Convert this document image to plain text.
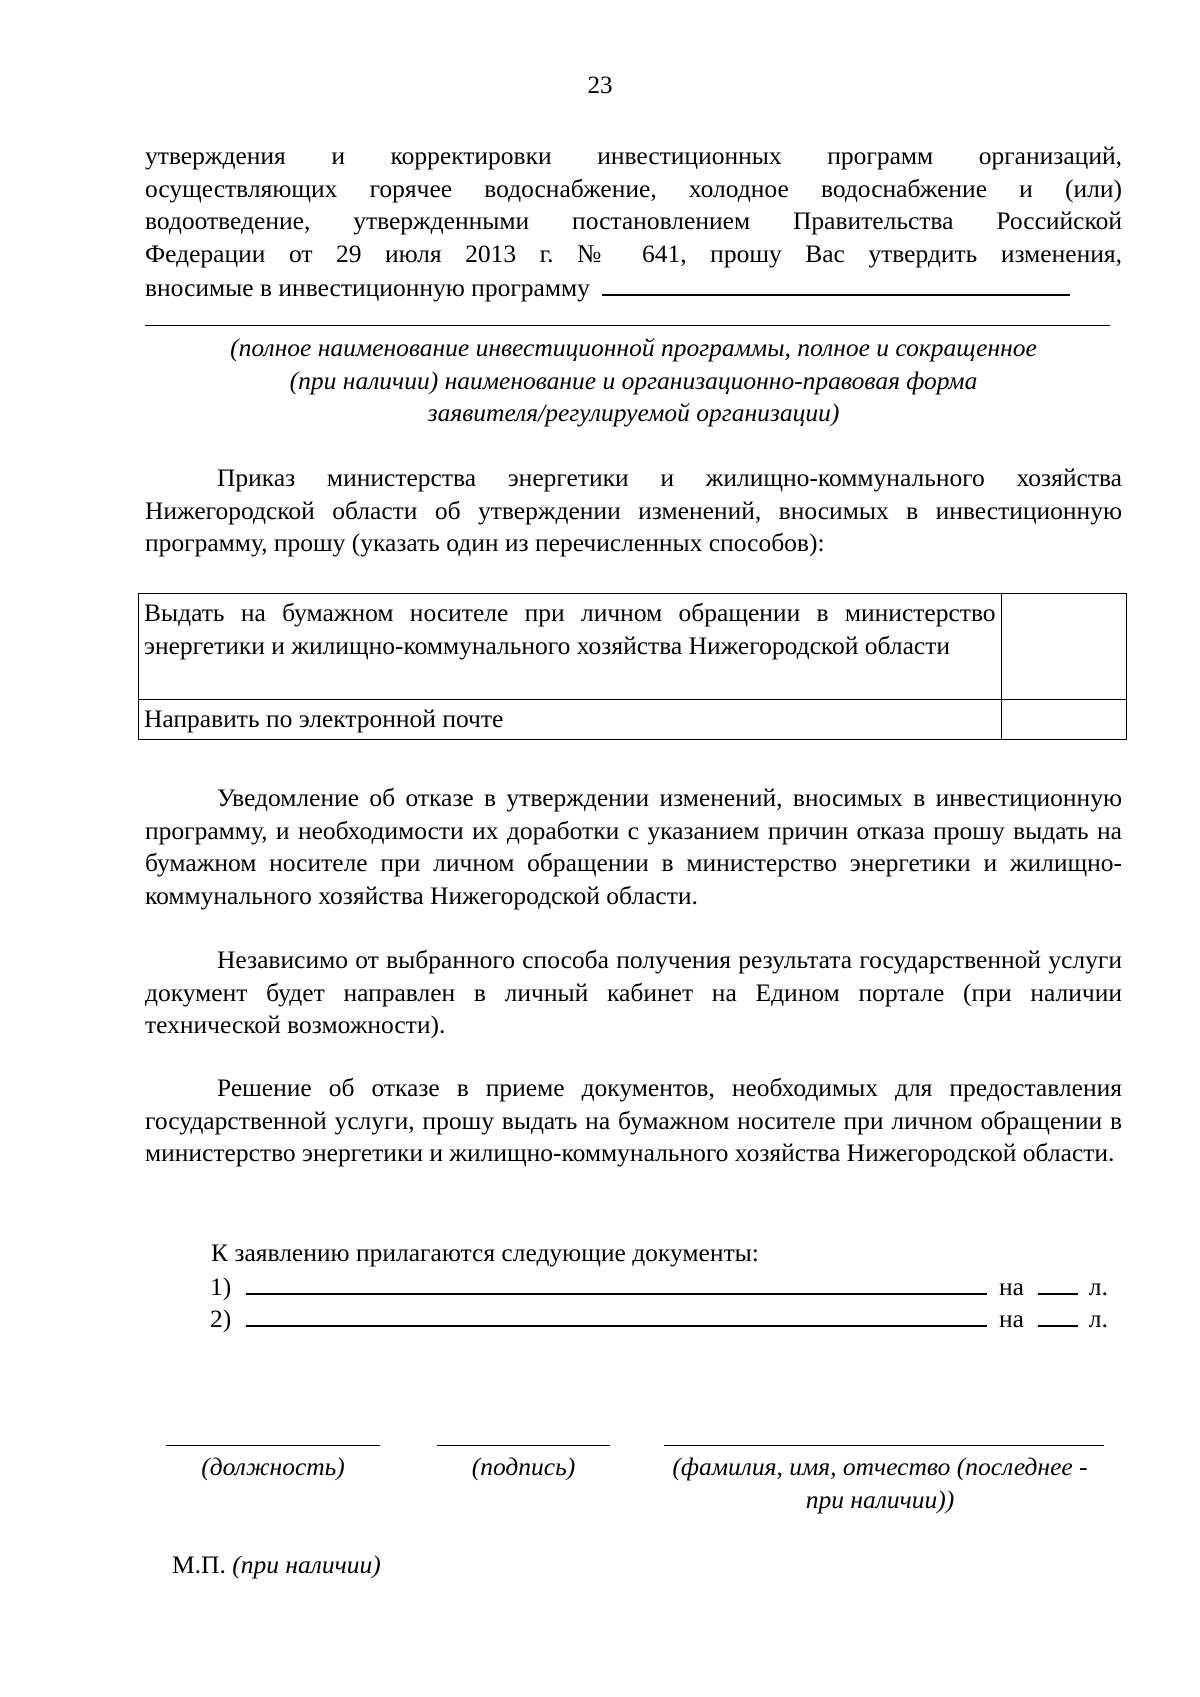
23
утверждения и корректировки инвестиционных программ организаций,
осуществляющих горячее водоснабжение, холодное водоснабжение и (или)
водоотведение, утвержденными постановлением Правительства Российской
Федерации от 29 июля 2013 г. № 641, прошу Вас утвердить изменения,
вносимые в инвестиционную программу
(полное наименование инвестиционной программы, полное и сокращенное
(при наличии) наименование и организационно-правовая форма
заявителя/регулируемой организации)
Приказ министерства энергетики и жилищно-коммунального хозяйства Нижегородской области об утверждении изменений, вносимых в инвестиционную программу, прошу (указать один из перечисленных способов):
Выдать на бумажном носителе при личном обращении в министерство энергетики и жилищно-коммунального хозяйства Нижегородской области	
Направить по электронной почте	
Уведомление об отказе в утверждении изменений, вносимых в инвестиционную программу, и необходимости их доработки с указанием причин отказа прошу выдать на бумажном носителе при личном обращении в министерство энергетики и жилищно-коммунального хозяйства Нижегородской области.
Независимо от выбранного способа получения результата государственной услуги документ будет направлен в личный кабинет на Едином портале (при наличии технической возможности).
Решение об отказе в приеме документов, необходимых для предоставления государственной услуги, прошу выдать на бумажном носителе при личном обращении в министерство энергетики и жилищно-коммунального хозяйства Нижегородской области.
К заявлению прилагаются следующие документы:
1)	на	л.
2)	на	л.
(должность)	(подпись)	(фамилия, имя, отчество (последнее -
при наличии))
М.П. (при наличии)
